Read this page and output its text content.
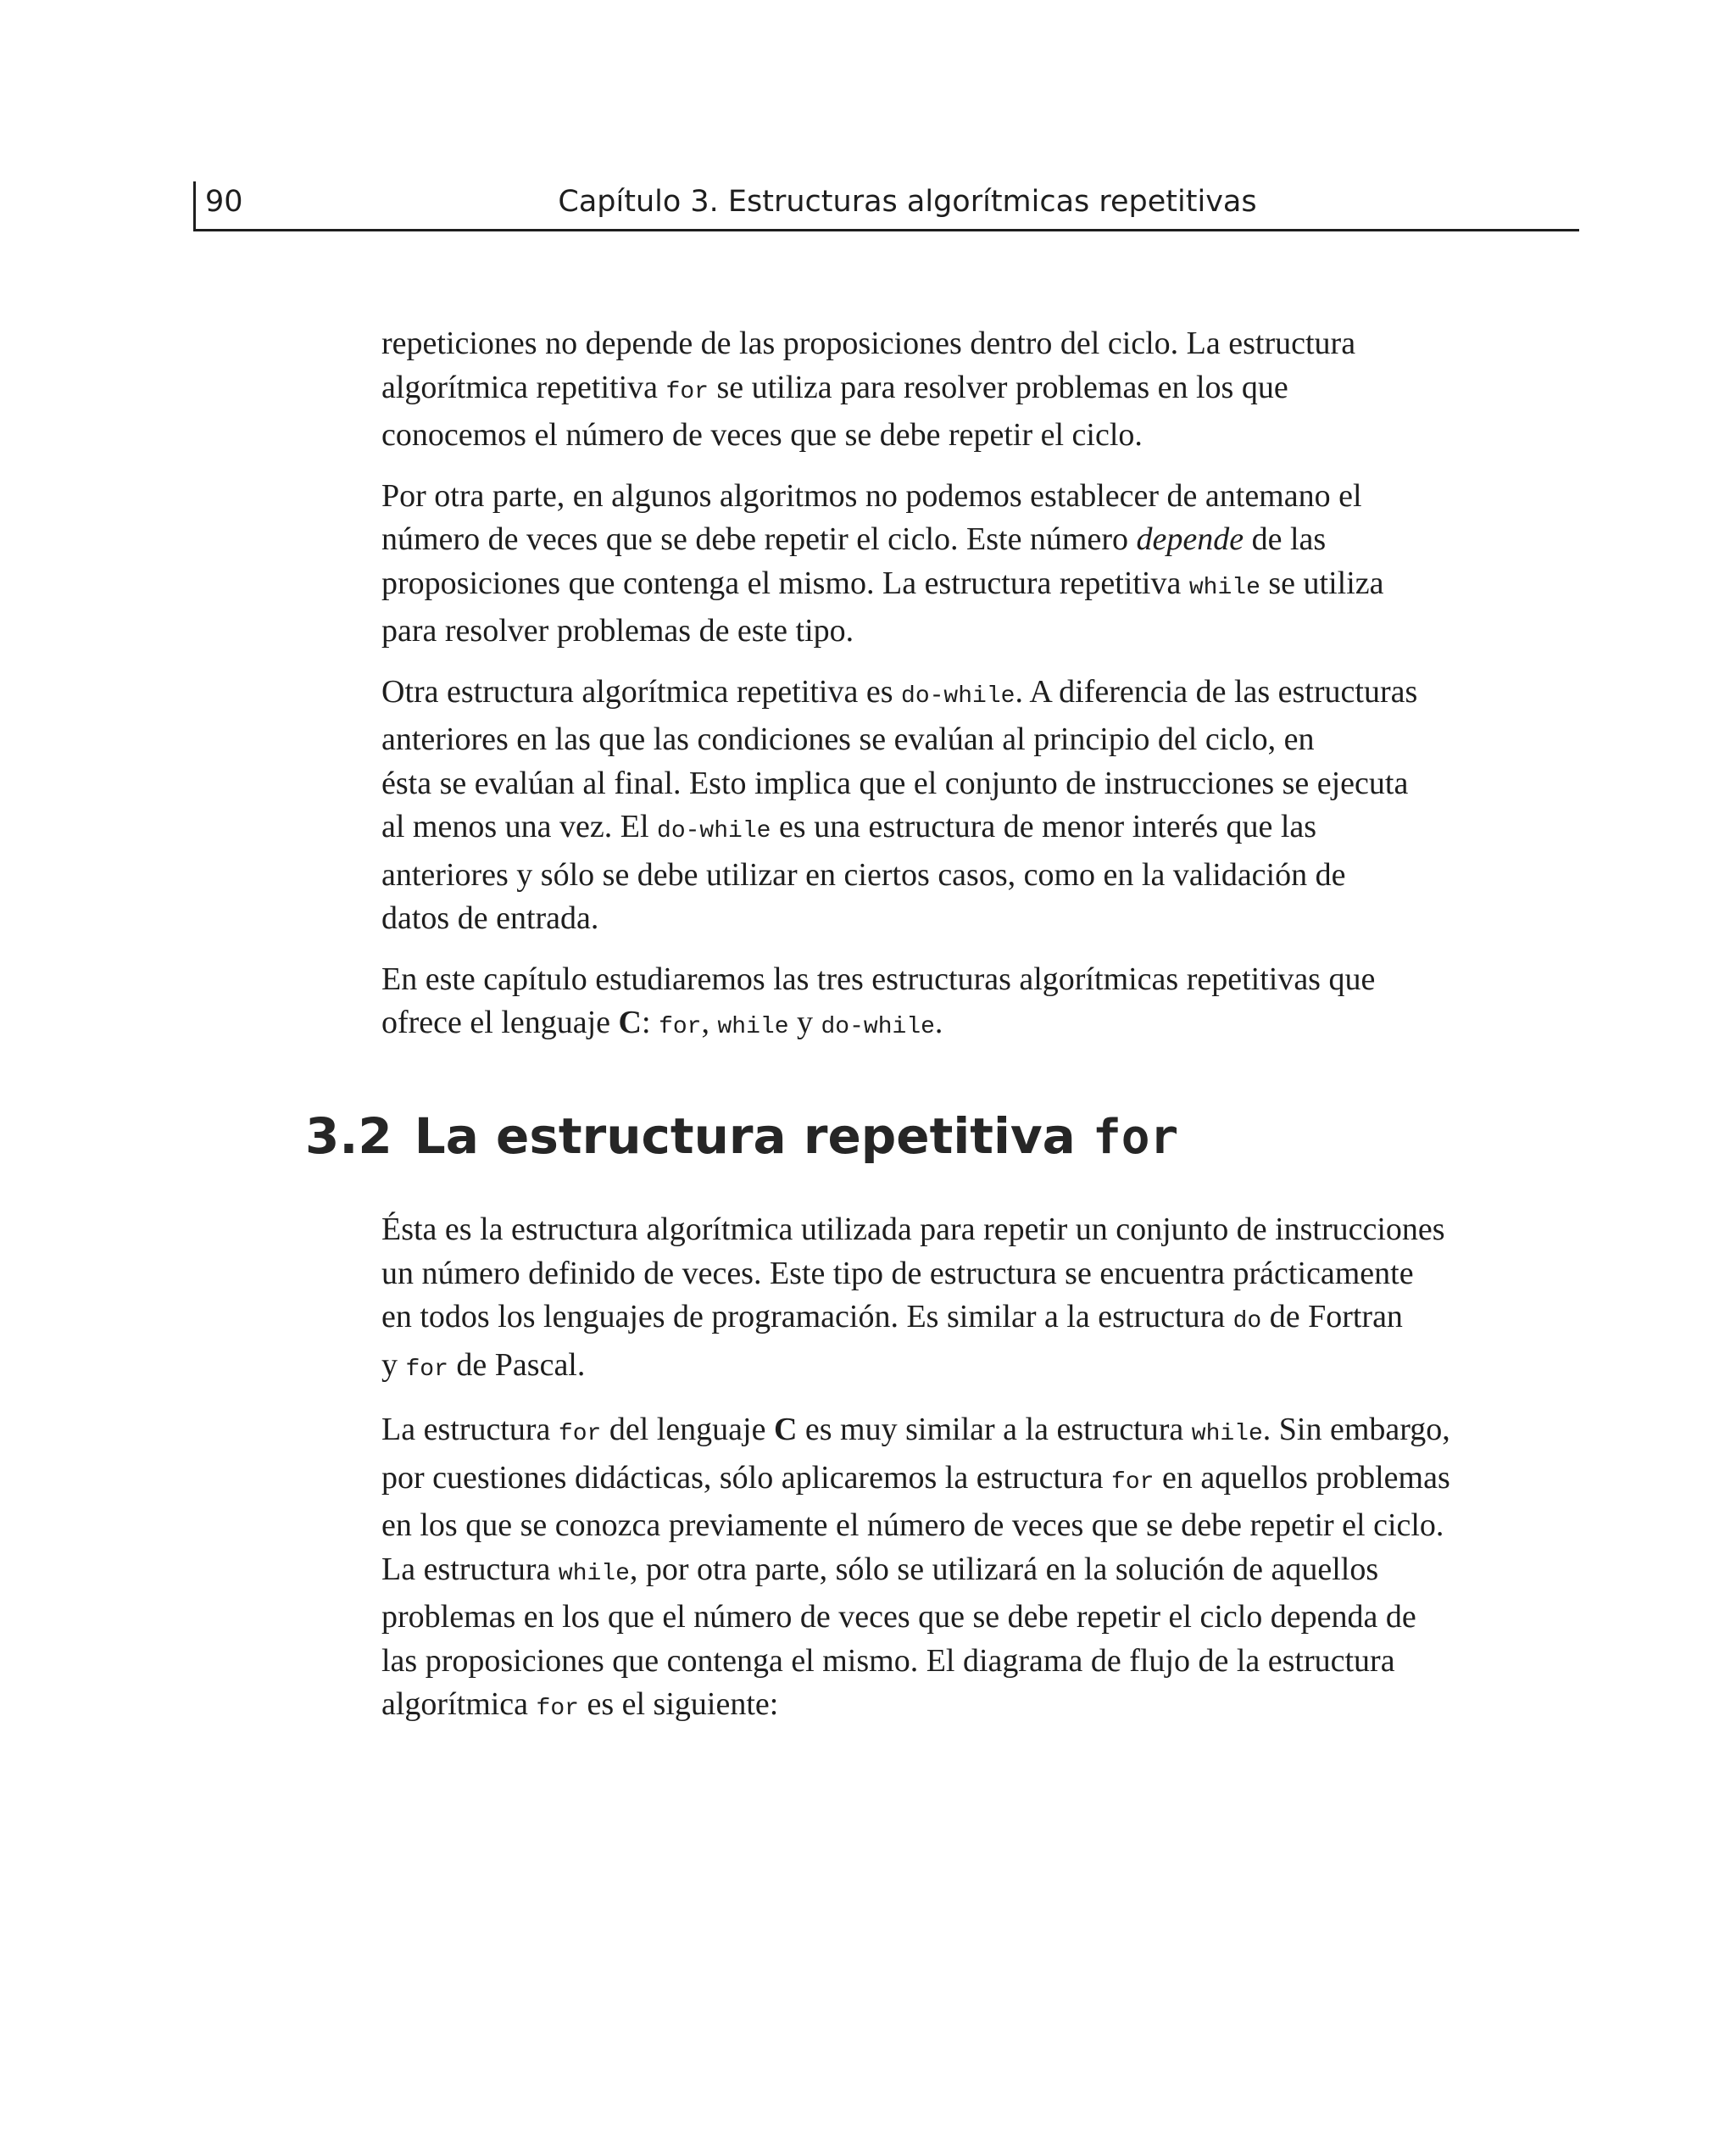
90	Capítulo 3. Estructuras algorítmicas repetitivas

repeticiones no depende de las proposiciones dentro del ciclo. La estructura
algorítmica repetitiva for se utiliza para resolver problemas en los que
conocemos el número de veces que se debe repetir el ciclo.

Por otra parte, en algunos algoritmos no podemos establecer de antemano el
número de veces que se debe repetir el ciclo. Este número depende de las
proposiciones que contenga el mismo. La estructura repetitiva while se utiliza
para resolver problemas de este tipo.

Otra estructura algorítmica repetitiva es do-while. A diferencia de las estructuras
anteriores en las que las condiciones se evalúan al principio del ciclo, en
ésta se evalúan al final. Esto implica que el conjunto de instrucciones se ejecuta
al menos una vez. El do-while es una estructura de menor interés que las
anteriores y sólo se debe utilizar en ciertos casos, como en la validación de
datos de entrada.

En este capítulo estudiaremos las tres estructuras algorítmicas repetitivas que
ofrece el lenguaje C: for, while y do-while.

3.2 La estructura repetitiva for

Ésta es la estructura algorítmica utilizada para repetir un conjunto de instrucciones
un número definido de veces. Este tipo de estructura se encuentra prácticamente
en todos los lenguajes de programación. Es similar a la estructura do de Fortran
y for de Pascal.

La estructura for del lenguaje C es muy similar a la estructura while. Sin embargo,
por cuestiones didácticas, sólo aplicaremos la estructura for en aquellos problemas
en los que se conozca previamente el número de veces que se debe repetir el ciclo.
La estructura while, por otra parte, sólo se utilizará en la solución de aquellos
problemas en los que el número de veces que se debe repetir el ciclo dependa de
las proposiciones que contenga el mismo. El diagrama de flujo de la estructura
algorítmica for es el siguiente:
